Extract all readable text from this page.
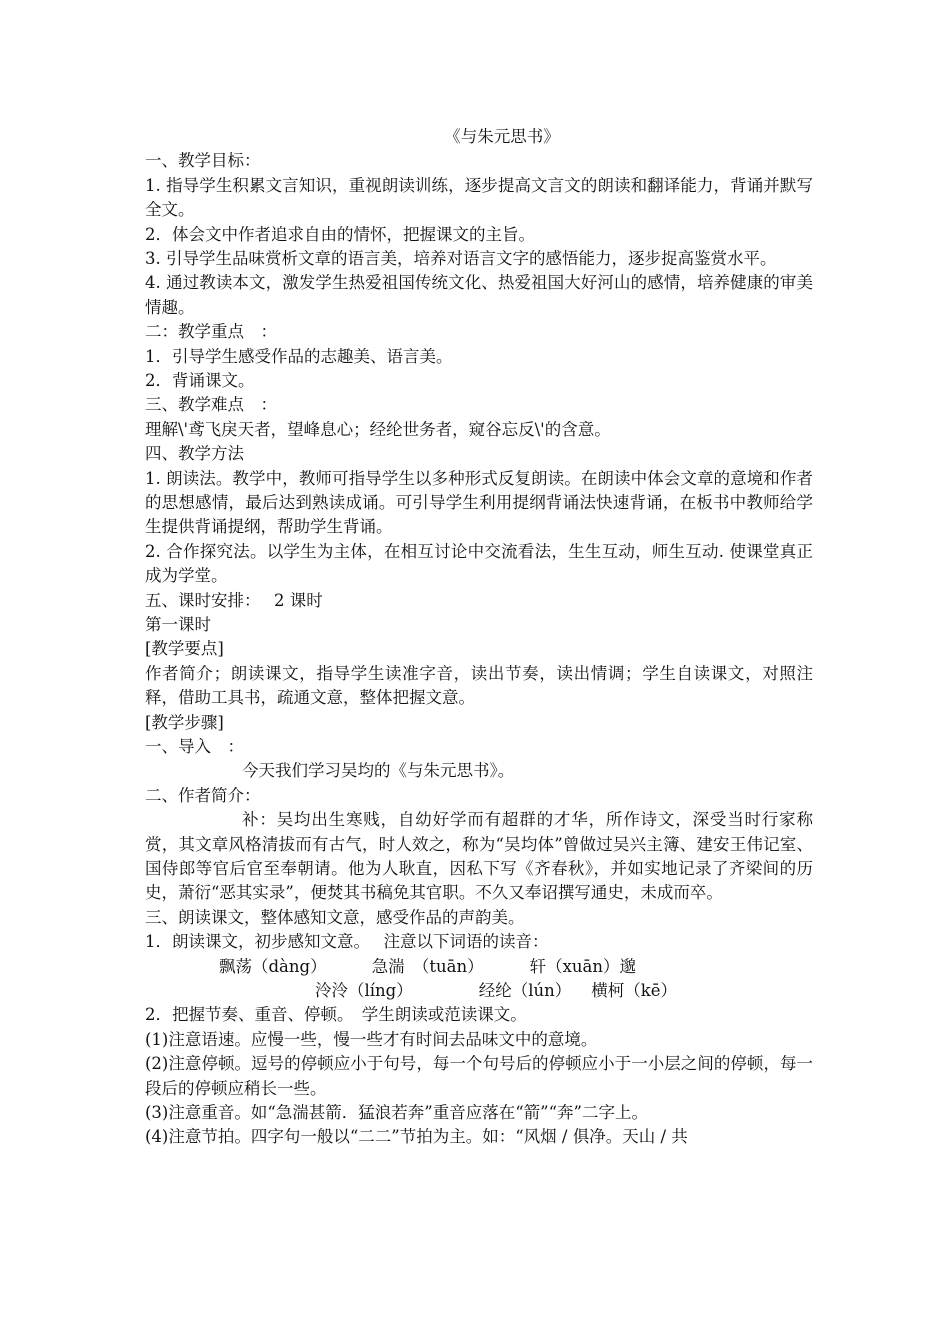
《与朱元思书》
一、教学目标：
1. 指导学生积累文言知识，重视朗读训练，逐步提高文言文的朗读和翻译能力，背诵并默写全文。
2．体会文中作者追求自由的情怀，把握课文的主旨。
3. 引导学生品味赏析文章的语言美，培养对语言文字的感悟能力，逐步捉高鉴赏水平。
4. 通过教读本文，激发学生热爱祖国传统文化、热爱祖国大好河山的感情，培养健康的审美情趣。
二：教学重点　：
1．引导学生感受作品的志趣美、语言美。
2．背诵课文。
三、教学难点　：
理解\'鸢飞戾天者，望峰息心；经纶世务者，窥谷忘反\'的含意。
四、教学方法
1. 朗读法。教学中，教师可指导学生以多种形式反复朗读。在朗读中体会文章的意境和作者的思想感情，最后达到熟读成诵。可引导学生利用提纲背诵法快速背诵，在板书中教师给学生提供背诵提纲，帮助学生背诵。
2. 合作探究法。以学生为主体，在相互讨论中交流看法，生生互动，师生互动. 使课堂真正成为学堂。
五、课时安排：　 2 课时
第一课时
[教学要点]
作者简介；朗读课文，指导学生读准字音，读出节奏，读出情调；学生自读课文，对照注释，借助工具书，疏通文意，整体把握文意。
[教学步骤]
一、导入　：
今天我们学习吴均的《与朱元思书》。
二、作者简介：
补：吴均出生寒贱，自幼好学而有超群的才华，所作诗文，深受当时行家称赏，其文章风格清拔而有古气，时人效之，称为“吴均体”曾做过吴兴主簿、建安王伟记室、国侍郎等官后官至奉朝请。他为人耿直，因私下写《齐春秋》，并如实地记录了齐梁间的历史，萧衍“恶其实录”，便焚其书稿免其官职。不久又奉诏撰写通史，未成而卒。
三、朗读课文，整体感知文意，感受作品的声韵美。
1．朗读课文，初步感知文意。　 注意以下词语的读音：
飘荡（dàng）	急湍　（tuān）	轩（xuān）邈
泠泠（líng）	经纶（lún） 横柯（kē）
2．把握节奏、重音、停顿。　学生朗读或范读课文。
(1)注意语速。应慢一些，慢一些才有时间去品味文中的意境。
(2)注意停顿。逗号的停顿应小于句号，每一个句号后的停顿应小于一小层之间的停顿，每一段后的停顿应稍长一些。
(3)注意重音。如“急湍甚箭．猛浪若奔”重音应落在“箭”“奔”二字上。
(4)注意节拍。四字句一般以“二二”节拍为主。如：“风烟 / 俱净。天山 / 共
